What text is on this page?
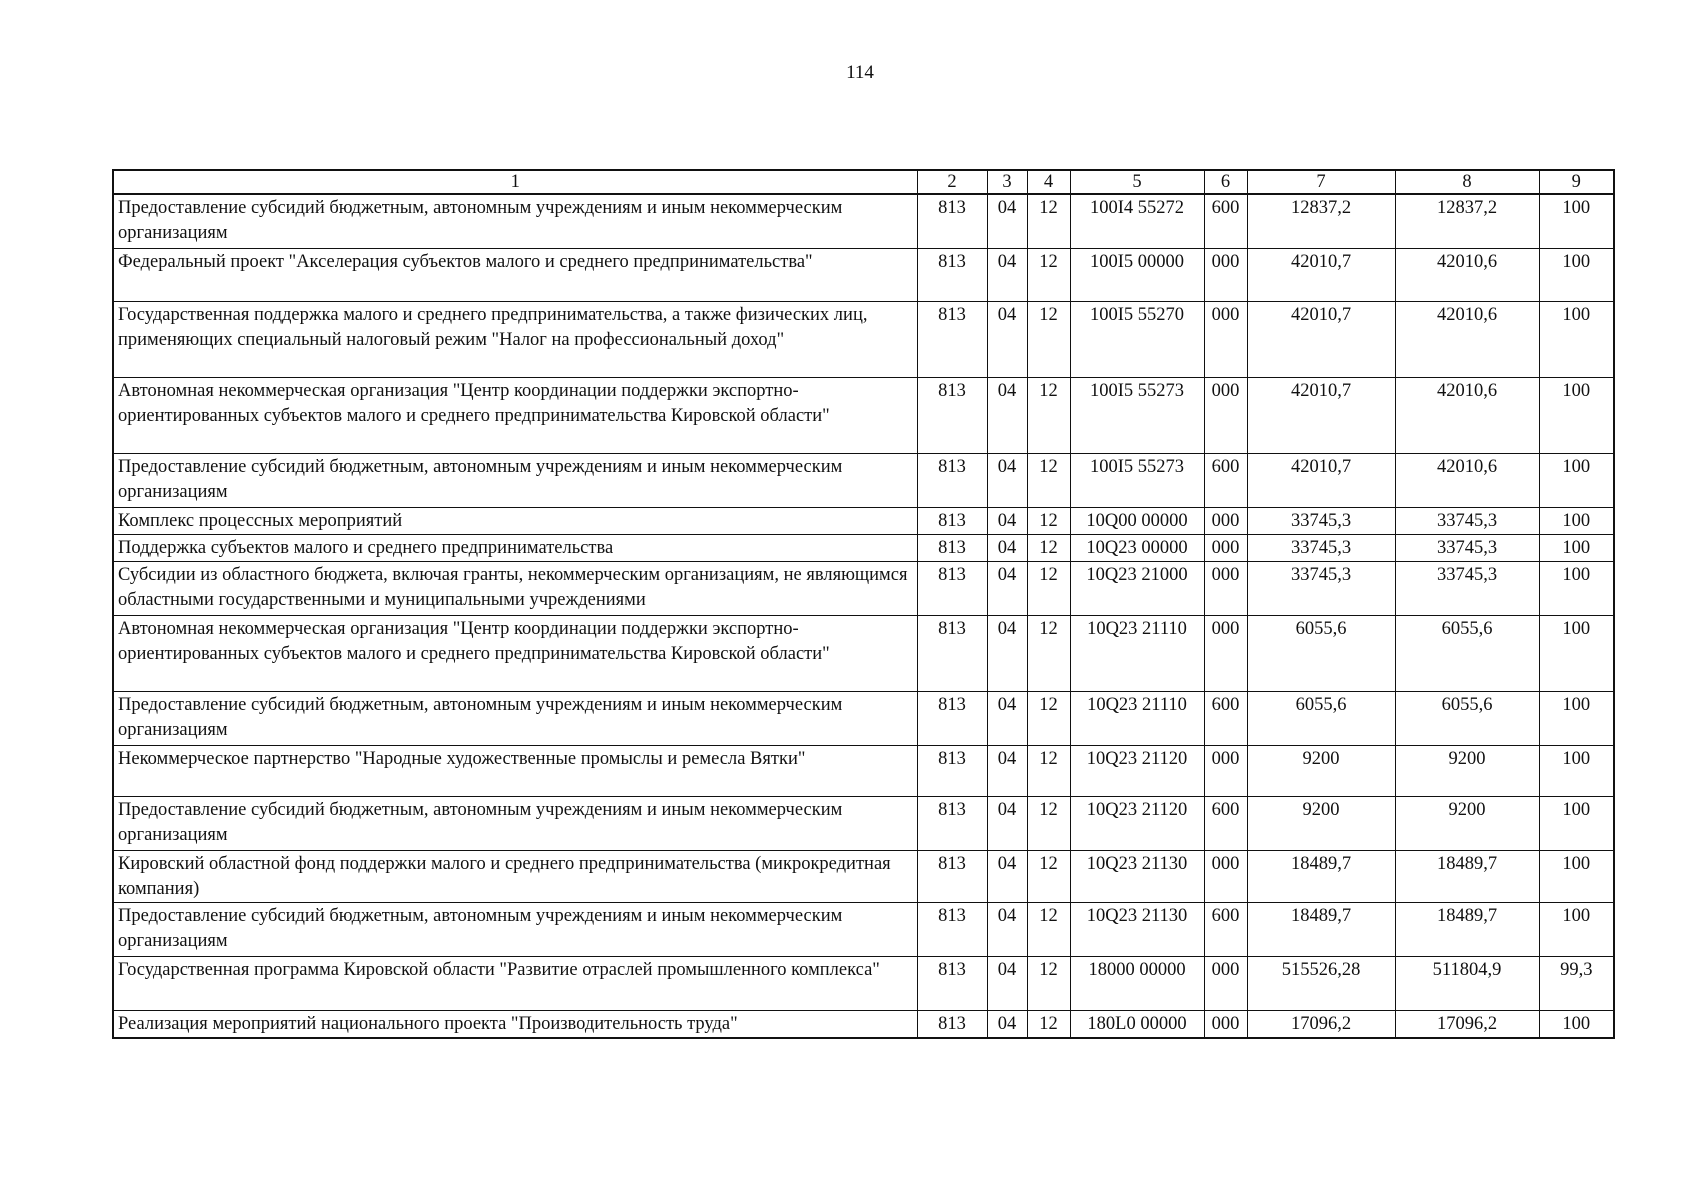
114
1	2	3	4	5	6	7	8	9
Предоставление субсидий бюджетным, автономным учреждениям и иным некоммерческим организациям	813	04	12	100I4 55272	600	12837,2	12837,2	100
Федеральный проект "Акселерация субъектов малого и среднего предпринимательства"	813	04	12	100I5 00000	000	42010,7	42010,6	100
Государственная поддержка малого и среднего предпринимательства, а также физических лиц, применяющих специальный налоговый режим "Налог на профессиональный доход"	813	04	12	100I5 55270	000	42010,7	42010,6	100
Автономная некоммерческая организация "Центр координации поддержки экспортно-ориентированных субъектов малого и среднего предпринимательства Кировской области"	813	04	12	100I5 55273	000	42010,7	42010,6	100
Предоставление субсидий бюджетным, автономным учреждениям и иным некоммерческим организациям	813	04	12	100I5 55273	600	42010,7	42010,6	100
Комплекс процессных мероприятий	813	04	12	10Q00 00000	000	33745,3	33745,3	100
Поддержка субъектов малого и среднего предпринимательства	813	04	12	10Q23 00000	000	33745,3	33745,3	100
Субсидии из областного бюджета, включая гранты, некоммерческим организациям, не являющимся областными государственными и муниципальными учреждениями	813	04	12	10Q23 21000	000	33745,3	33745,3	100
Автономная некоммерческая организация "Центр координации поддержки экспортно-ориентированных субъектов малого и среднего предпринимательства Кировской области"	813	04	12	10Q23 21110	000	6055,6	6055,6	100
Предоставление субсидий бюджетным, автономным учреждениям и иным некоммерческим организациям	813	04	12	10Q23 21110	600	6055,6	6055,6	100
Некоммерческое партнерство "Народные художественные промыслы и ремесла Вятки"	813	04	12	10Q23 21120	000	9200	9200	100
Предоставление субсидий бюджетным, автономным учреждениям и иным некоммерческим организациям	813	04	12	10Q23 21120	600	9200	9200	100
Кировский областной фонд поддержки малого и среднего предпринимательства (микрокредитная компания)	813	04	12	10Q23 21130	000	18489,7	18489,7	100
Предоставление субсидий бюджетным, автономным учреждениям и иным некоммерческим организациям	813	04	12	10Q23 21130	600	18489,7	18489,7	100
Государственная программа Кировской области "Развитие отраслей промышленного комплекса"	813	04	12	18000 00000	000	515526,28	511804,9	99,3
Реализация мероприятий национального проекта "Производительность труда"	813	04	12	180L0 00000	000	17096,2	17096,2	100
